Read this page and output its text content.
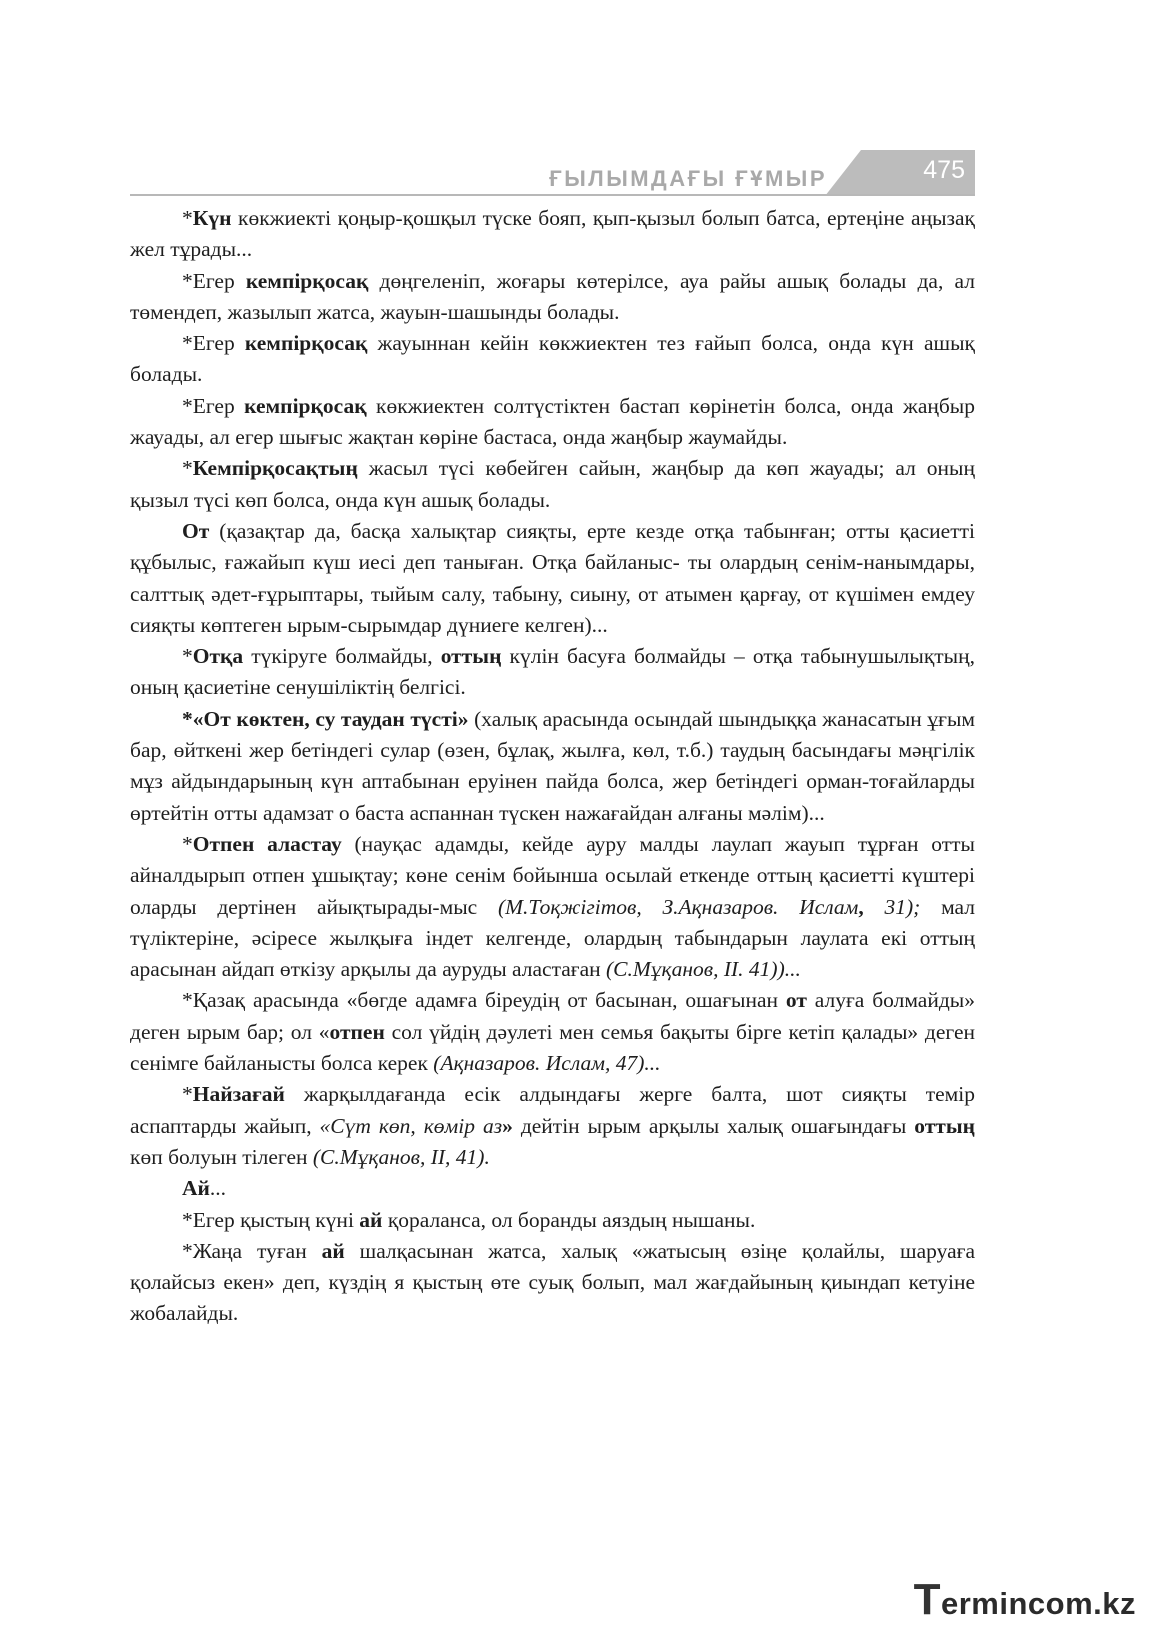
ҒЫЛЫМДАҒЫ ҒҰМЫР	475

*Күн көкжиекті қоңыр-қошқыл түске бояп, қып-қызыл болып батса, ертеңіне аңызақ жел тұрады...

*Егер кемпірқосақ дөңгеленіп, жоғары көтерілсе, ауа райы ашық болады да, ал төмендеп, жазылып жатса, жауын-шашынды болады.

*Егер кемпірқосақ жауыннан кейін көкжиектен тез ғайып болса, онда күн ашық болады.

*Егер кемпірқосақ көкжиектен солтүстіктен бастап көрінетін болса, онда жаңбыр жауады, ал егер шығыс жақтан көріне бастаса, онда жаңбыр жаумайды.

*Кемпірқосақтың жасыл түсі көбейген сайын, жаңбыр да көп жауады; ал оның қызыл түсі көп болса, онда күн ашық болады.

От (қазақтар да, басқа халықтар сияқты, ерте кезде отқа табынған; отты қасиетті құбылыс, ғажайып күш иесі деп таныған. Отқа байланыс- ты олардың сенім-нанымдары, салттық әдет-ғұрыптары, тыйым салу, табыну, сиыну, от атымен қарғау, от күшімен емдеу сияқты көптеген ырым-сырымдар дүниеге келген)...

*Отқа түкіруге болмайды, оттың күлін басуға болмайды – отқа табынушылықтың, оның қасиетіне сенушіліктің белгісі.

*«От көктен, су таудан түсті» (халық арасында осындай шындыққа жанасатын ұғым бар, өйткені жер бетіндегі сулар (өзен, бұлақ, жылға, көл, т.б.) таудың басындағы мәңгілік мұз айдындарының күн аптабынан еруінен пайда болса, жер бетіндегі орман-тоғайларды өртейтін отты адамзат о баста аспаннан түскен нажағайдан алғаны мәлім)...

*Отпен аластау (науқас адамды, кейде ауру малды лаулап жауып тұрған отты айналдырып отпен ұшықтау; көне сенім бойынша осылай еткенде оттың қасиетті күштері оларды дертінен айықтырады-мыс (М.Тоқжігітов, З.Ақназаров. Ислам, 31); мал түліктеріне, әсіресе жылқыға індет келгенде, олардың табындарын лаулата екі оттың арасынан айдап өткізу арқылы да ауруды аластаған (С.Мұқанов, ІІ. 41))...

*Қазақ арасында «бөгде адамға біреудің от басынан, ошағынан от алуға болмайды» деген ырым бар; ол «отпен сол үйдің дәулеті мен семья бақыты бірге кетіп қалады» деген сенімге байланысты болса керек (Ақназаров. Ислам, 47)...

*Найзағай жарқылдағанда есік алдындағы жерге балта, шот сияқты темір аспаптарды жайып, «Сүт көп, көмір аз» дейтін ырым арқылы халық ошағындағы оттың көп болуын тілеген (С.Мұқанов, ІІ, 41).

Ай...

*Егер қыстың күні ай қораланса, ол боранды аяздың нышаны.

*Жаңа туған ай шалқасынан жатса, халық «жатысың өзіңе қолайлы, шаруаға қолайсыз екен» деп, күздің я қыстың өте суық болып, мал жағдайының қиындап кетуіне жобалайды.

Termincom.kz
